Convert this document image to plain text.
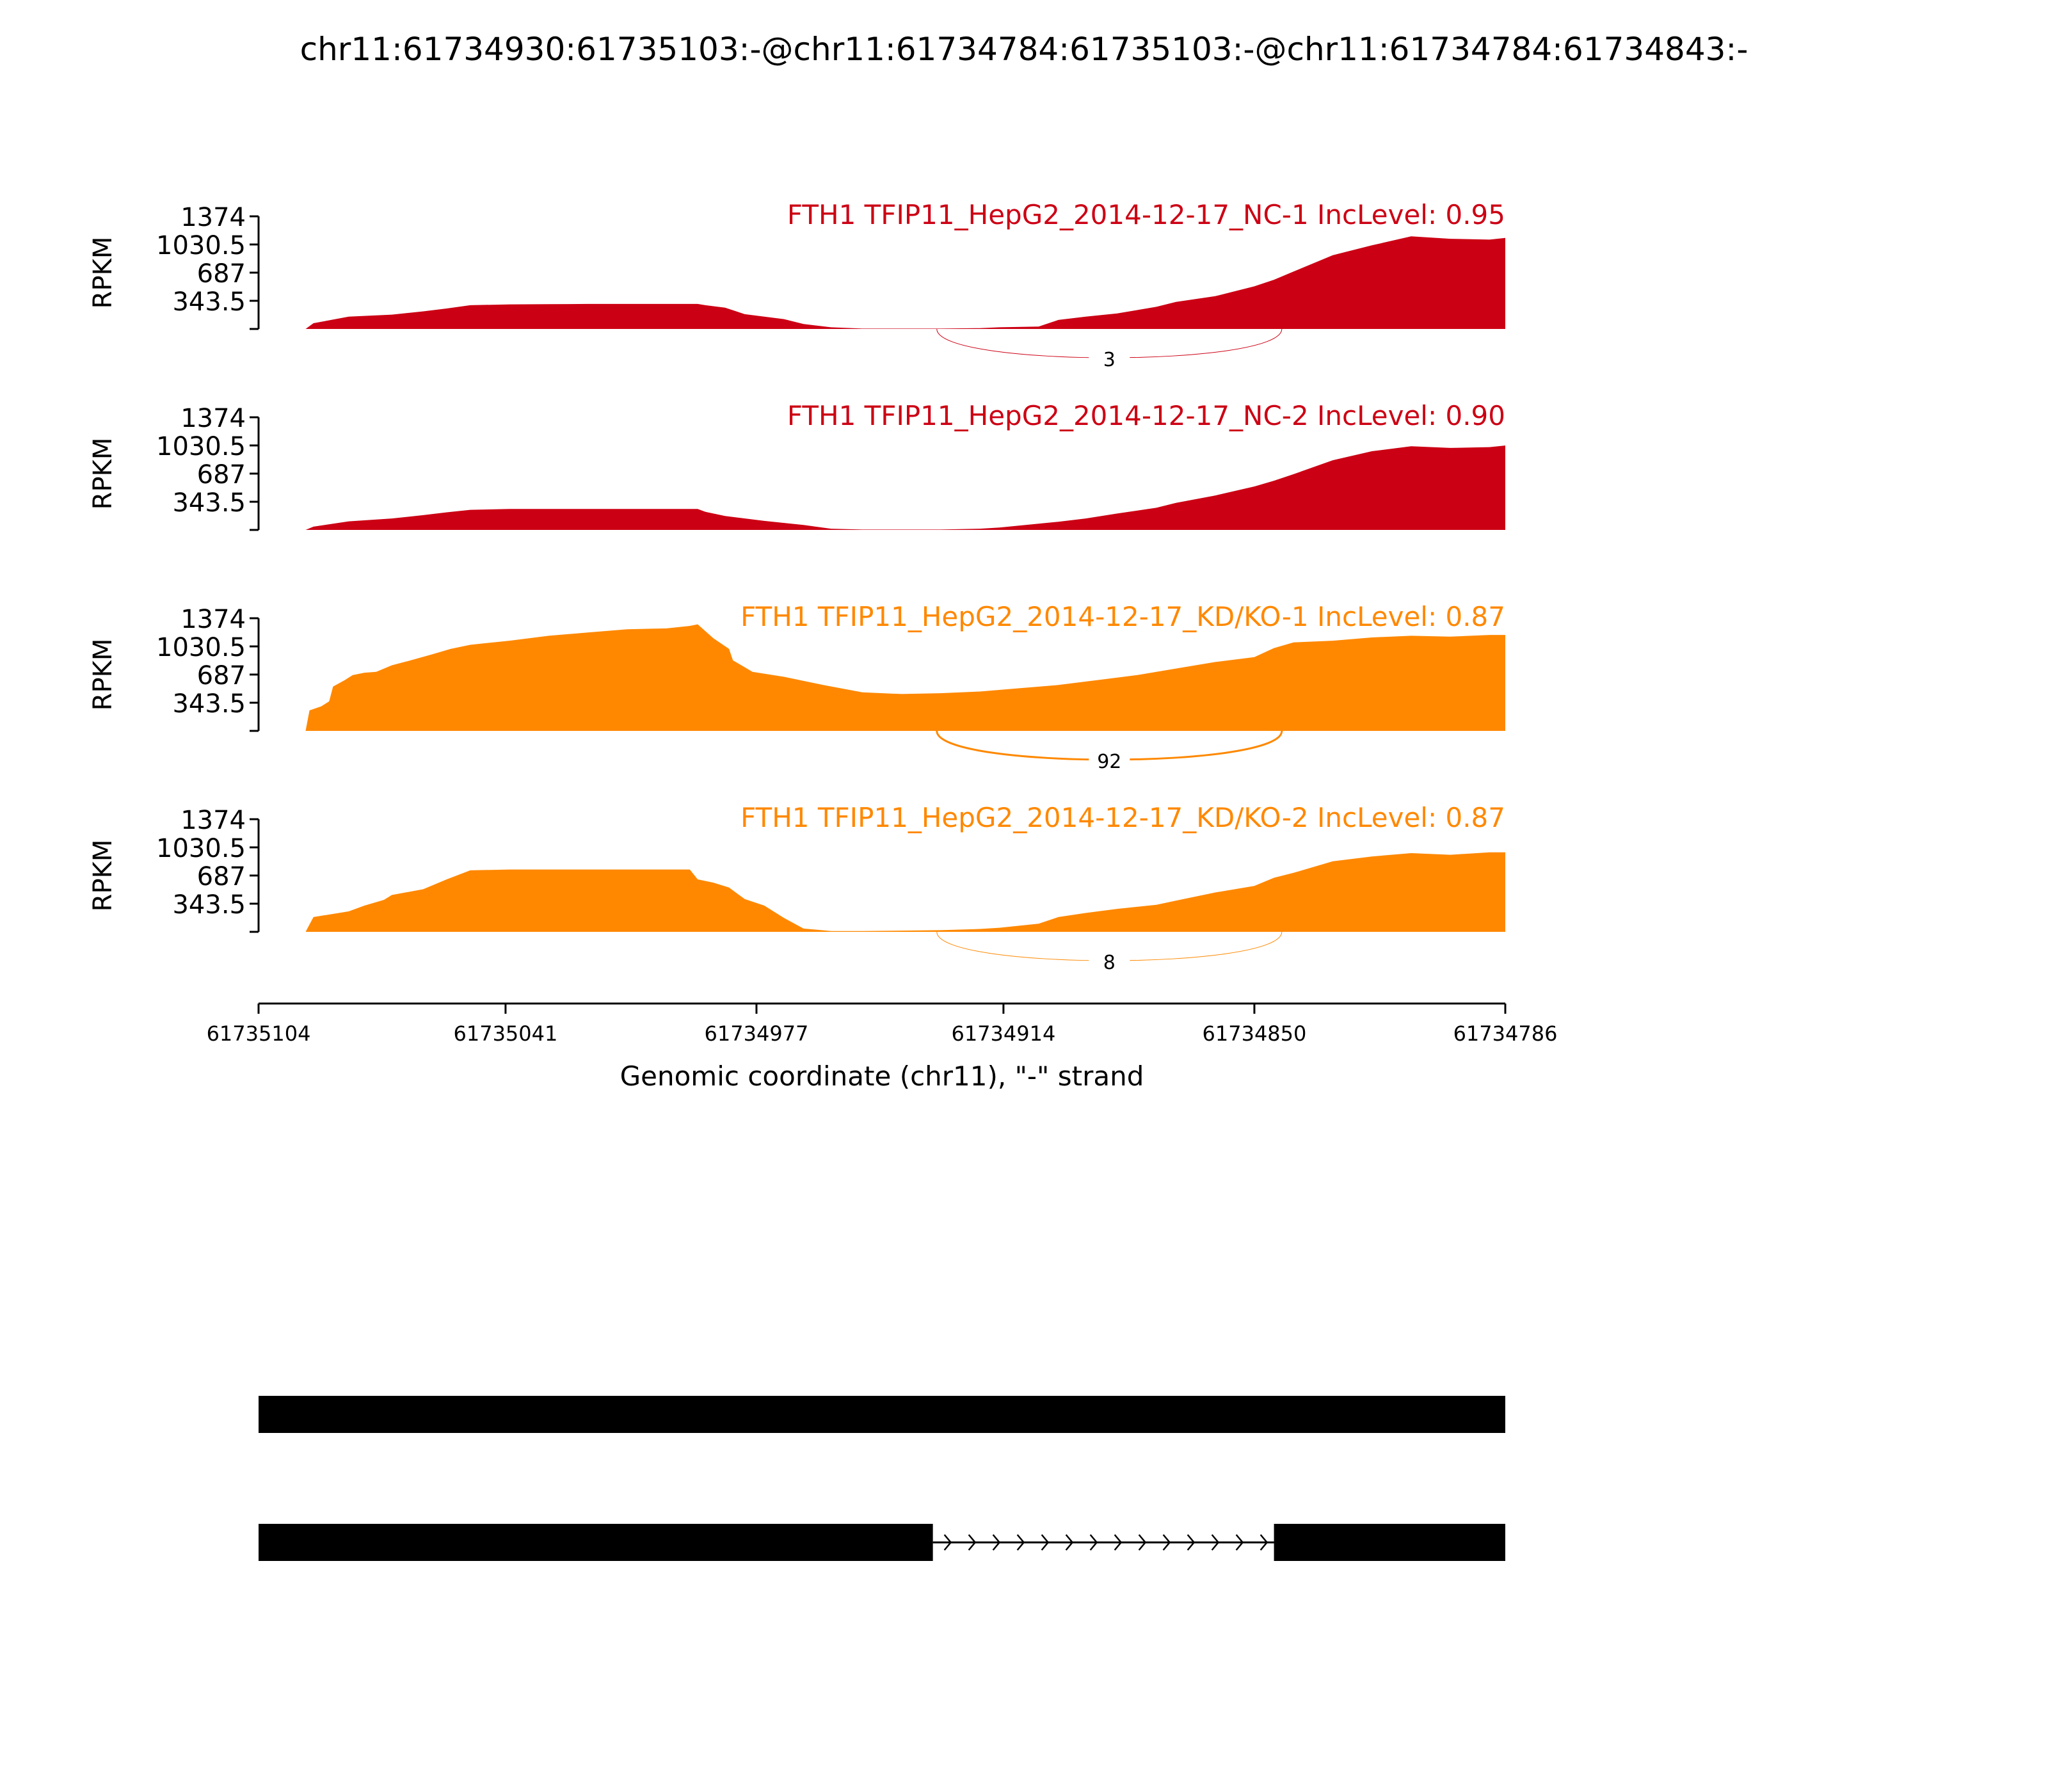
chr11:61734930:61735103:-@chr11:61734784:61735103:-@chr11:61734784:61734843:-
343.5
687
1030.5
1374
RPKM
FTH1 TFIP11_HepG2_2014-12-17_NC-1 IncLevel: 0.95
3
343.5
687
1030.5
1374
RPKM
FTH1 TFIP11_HepG2_2014-12-17_NC-2 IncLevel: 0.90
343.5
687
1030.5
1374
RPKM
FTH1 TFIP11_HepG2_2014-12-17_KD/KO-1 IncLevel: 0.87
92
343.5
687
1030.5
1374
RPKM
FTH1 TFIP11_HepG2_2014-12-17_KD/KO-2 IncLevel: 0.87
8
61735104	61735041	61734977	61734914	61734850	61734786
Genomic coordinate (chr11), "-" strand
